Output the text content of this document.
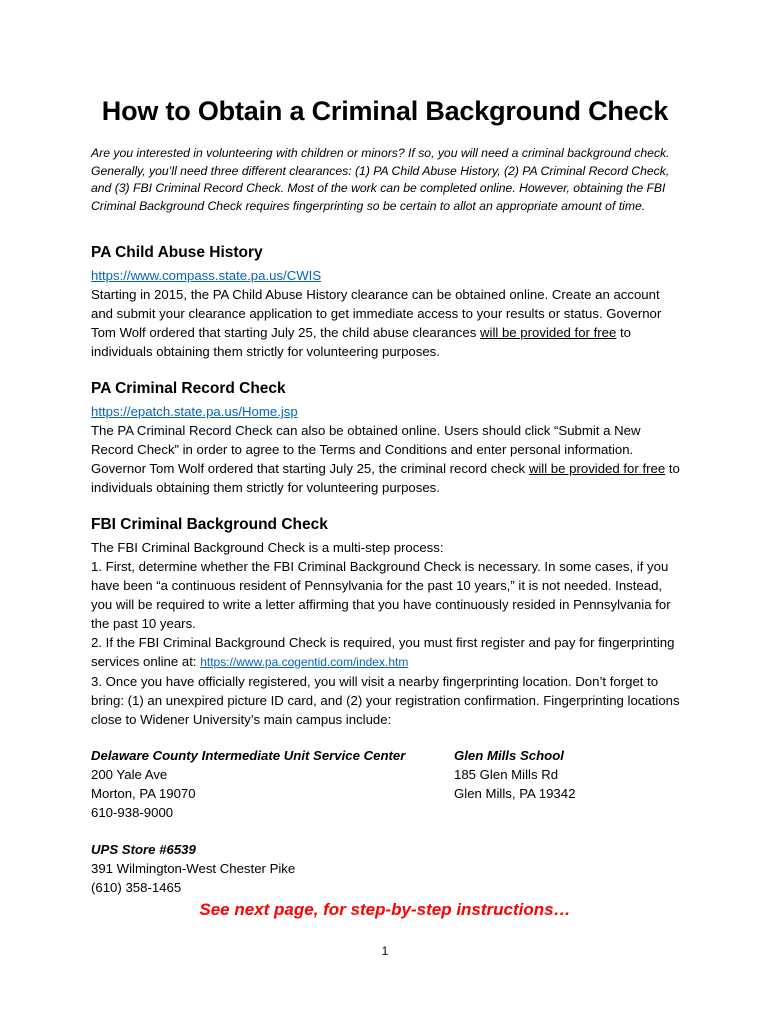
How to Obtain a Criminal Background Check

Are you interested in volunteering with children or minors? If so, you will need a criminal background check. Generally, you’ll need three different clearances: (1) PA Child Abuse History, (2) PA Criminal Record Check, and (3) FBI Criminal Record Check. Most of the work can be completed online. However, obtaining the FBI Criminal Background Check requires fingerprinting so be certain to allot an appropriate amount of time.

PA Child Abuse History

https://www.compass.state.pa.us/CWIS
Starting in 2015, the PA Child Abuse History clearance can be obtained online. Create an account and submit your clearance application to get immediate access to your results or status. Governor Tom Wolf ordered that starting July 25, the child abuse clearances will be provided for free to individuals obtaining them strictly for volunteering purposes.

PA Criminal Record Check

https://epatch.state.pa.us/Home.jsp
The PA Criminal Record Check can also be obtained online. Users should click “Submit a New Record Check” in order to agree to the Terms and Conditions and enter personal information. Governor Tom Wolf ordered that starting July 25, the criminal record check will be provided for free to individuals obtaining them strictly for volunteering purposes.

FBI Criminal Background Check
The FBI Criminal Background Check is a multi-step process:
1. First, determine whether the FBI Criminal Background Check is necessary. In some cases, if you have been “a continuous resident of Pennsylvania for the past 10 years,” it is not needed. Instead, you will be required to write a letter affirming that you have continuously resided in Pennsylvania for the past 10 years.
2. If the FBI Criminal Background Check is required, you must first register and pay for fingerprinting services online at: https://www.pa.cogentid.com/index.htm
3. Once you have officially registered, you will visit a nearby fingerprinting location. Don’t forget to bring: (1) an unexpired picture ID card, and (2) your registration confirmation. Fingerprinting locations close to Widener University’s main campus include:
Delaware County Intermediate Unit Service Center
200 Yale Ave
Morton, PA 19070
610-938-9000
Glen Mills School
185 Glen Mills Rd
Glen Mills, PA 19342
UPS Store #6539
391 Wilmington-West Chester Pike
(610) 358-1465
See next page, for step-by-step instructions…
1
